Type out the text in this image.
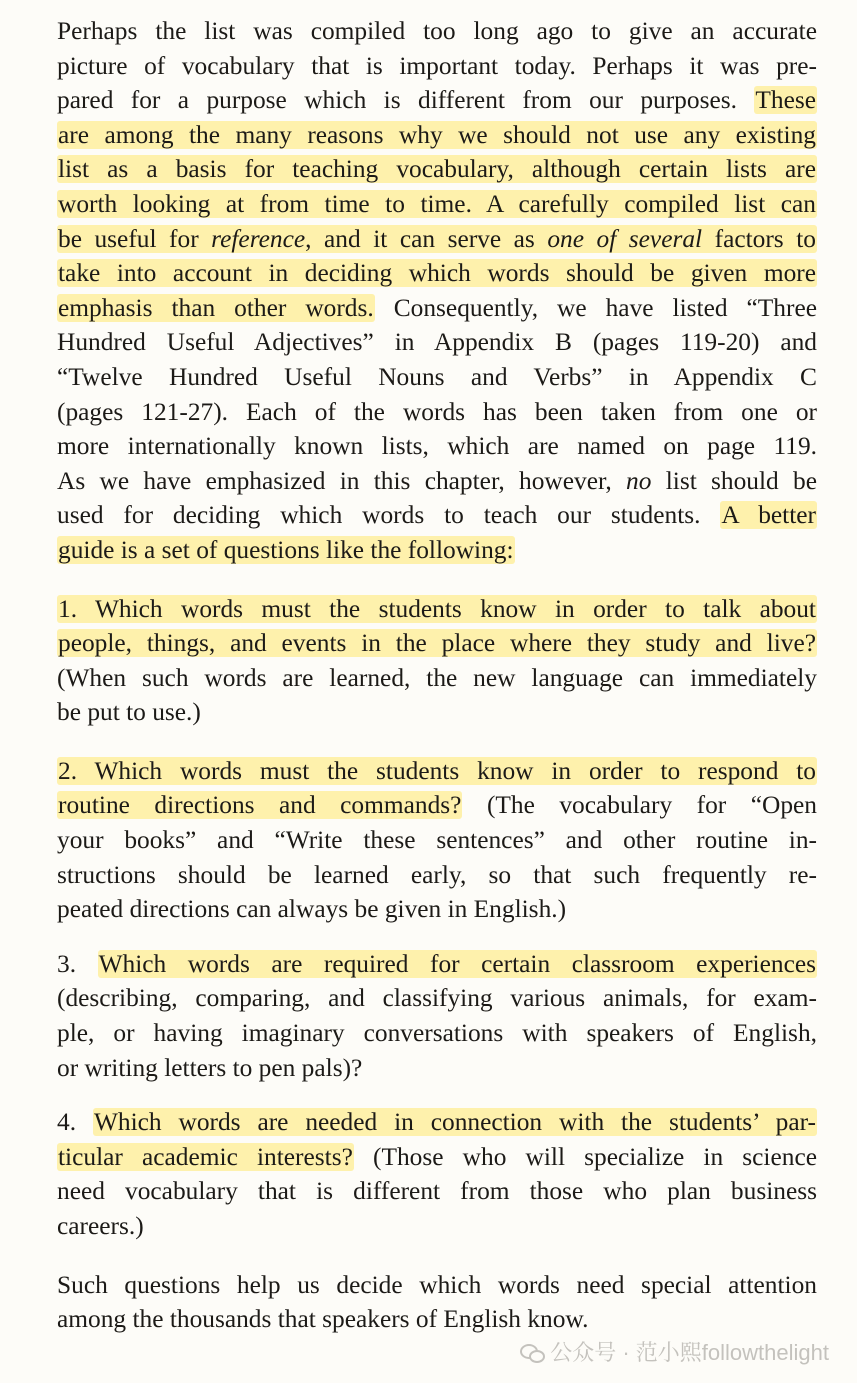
Perhaps the list was compiled too long ago to give an accurate
picture of vocabulary that is important today. Perhaps it was pre-
pared for a purpose which is different from our purposes. These
are among the many reasons why we should not use any existing
list as a basis for teaching vocabulary, although certain lists are
worth looking at from time to time. A carefully compiled list can
be useful for reference, and it can serve as one of several factors to
take into account in deciding which words should be given more
emphasis than other words. Consequently, we have listed “Three
Hundred Useful Adjectives” in Appendix B (pages 119-20) and
“Twelve Hundred Useful Nouns and Verbs” in Appendix C
(pages 121-27). Each of the words has been taken from one or
more internationally known lists, which are named on page 119.
As we have emphasized in this chapter, however, no list should be
used for deciding which words to teach our students. A better
guide is a set of questions like the following:
1. Which words must the students know in order to talk about
people, things, and events in the place where they study and live?
(When such words are learned, the new language can immediately
be put to use.)
2. Which words must the students know in order to respond to
routine directions and commands? (The vocabulary for “Open
your books” and “Write these sentences” and other routine in-
structions should be learned early, so that such frequently re-
peated directions can always be given in English.)
3. Which words are required for certain classroom experiences
(describing, comparing, and classifying various animals, for exam-
ple, or having imaginary conversations with speakers of English,
or writing letters to pen pals)?
4. Which words are needed in connection with the students’ par-
ticular academic interests? (Those who will specialize in science
need vocabulary that is different from those who plan business
careers.)
Such questions help us decide which words need special attention
among the thousands that speakers of English know.
公众号 · 范小熙followthelight
